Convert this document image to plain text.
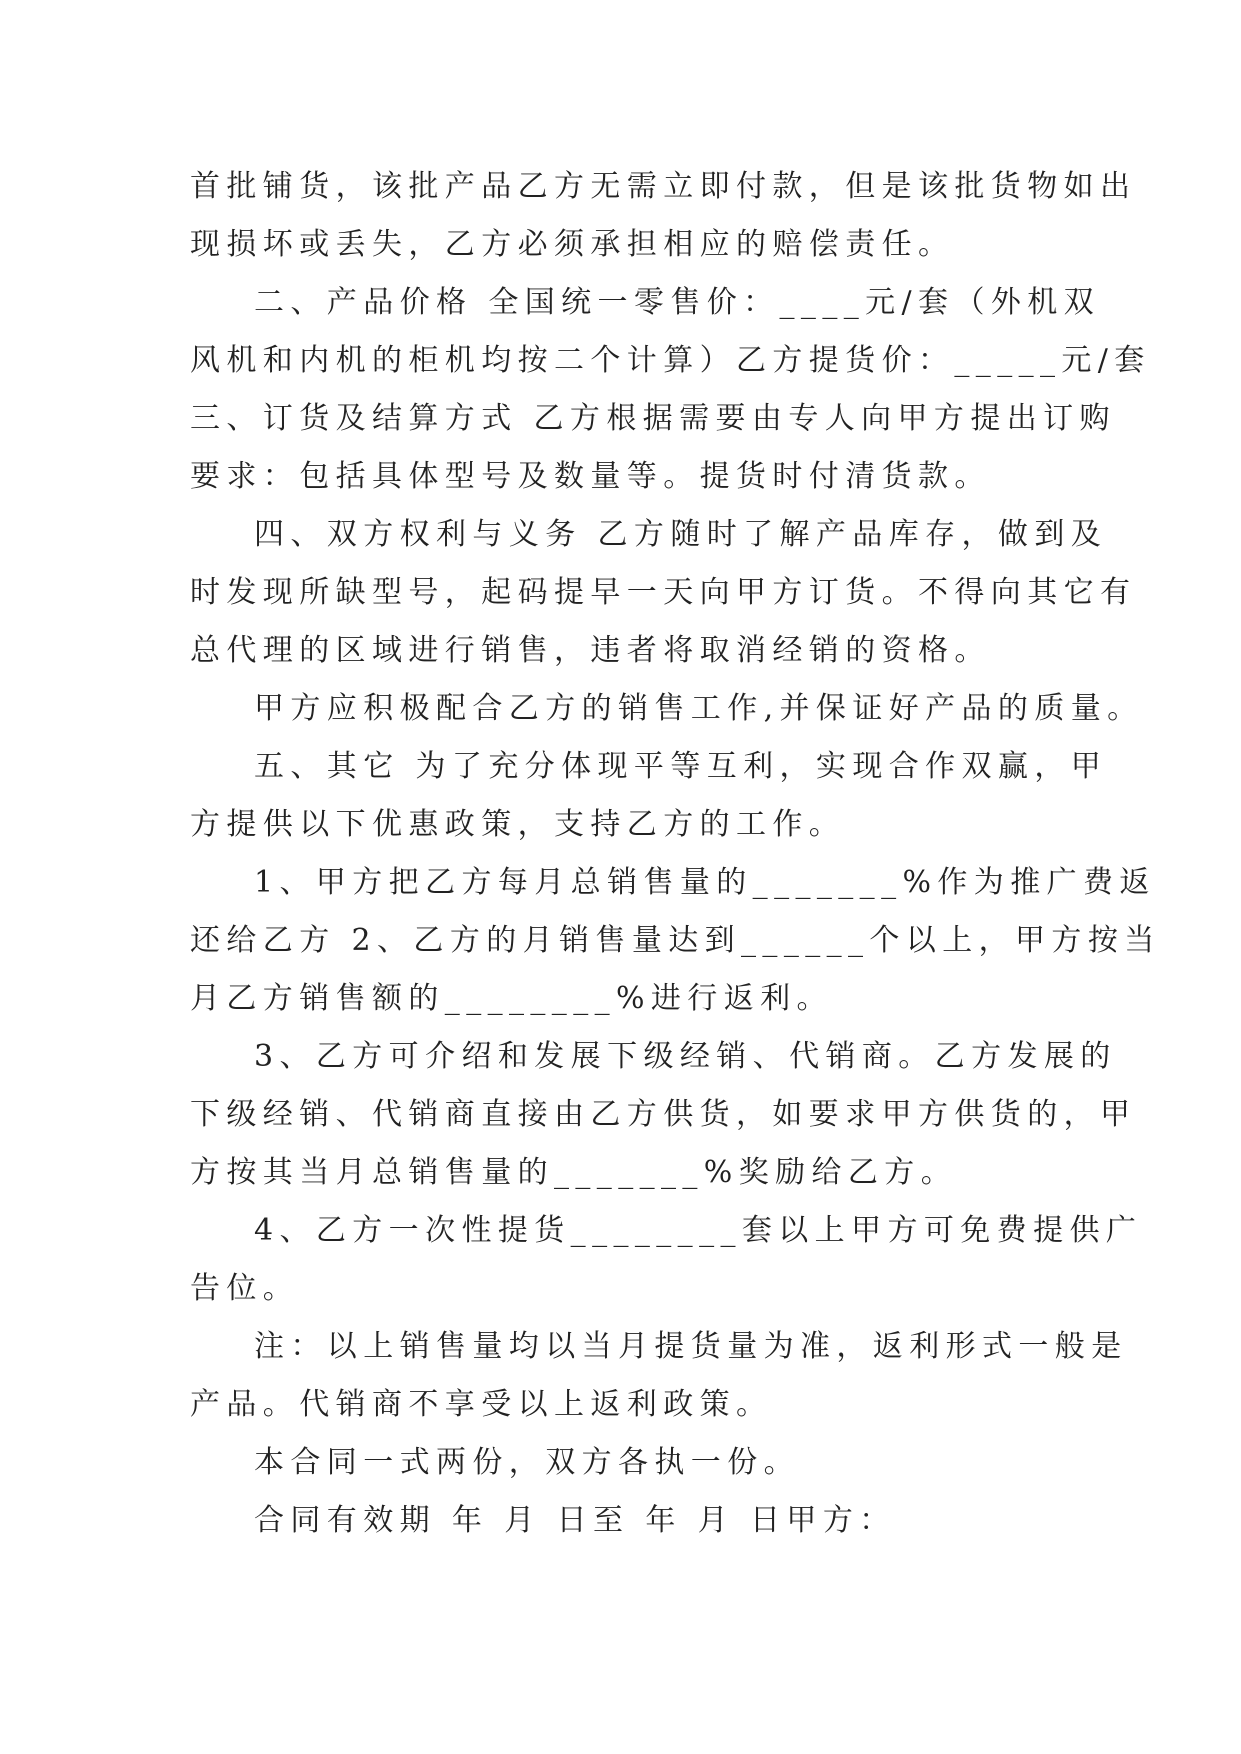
首批铺货，该批产品乙方无需立即付款，但是该批货物如出
现损坏或丢失，乙方必须承担相应的赔偿责任。
二、产品价格 全国统一零售价：____元/套（外机双
风机和内机的柜机均按二个计算）乙方提货价：_____元/套
三、订货及结算方式 乙方根据需要由专人向甲方提出订购
要求：包括具体型号及数量等。提货时付清货款。
四、双方权利与义务 乙方随时了解产品库存，做到及
时发现所缺型号，起码提早一天向甲方订货。不得向其它有
总代理的区域进行销售，违者将取消经销的资格。
甲方应积极配合乙方的销售工作,并保证好产品的质量。
五、其它 为了充分体现平等互利，实现合作双赢，甲
方提供以下优惠政策，支持乙方的工作。
1、甲方把乙方每月总销售量的_______%作为推广费返
还给乙方 2、乙方的月销售量达到______个以上，甲方按当
月乙方销售额的________%进行返利。
3、乙方可介绍和发展下级经销、代销商。乙方发展的
下级经销、代销商直接由乙方供货，如要求甲方供货的，甲
方按其当月总销售量的_______%奖励给乙方。
4、乙方一次性提货________套以上甲方可免费提供广
告位。
注：以上销售量均以当月提货量为准，返利形式一般是
产品。代销商不享受以上返利政策。
本合同一式两份，双方各执一份。
合同有效期 年 月 日至 年 月 日甲方：
